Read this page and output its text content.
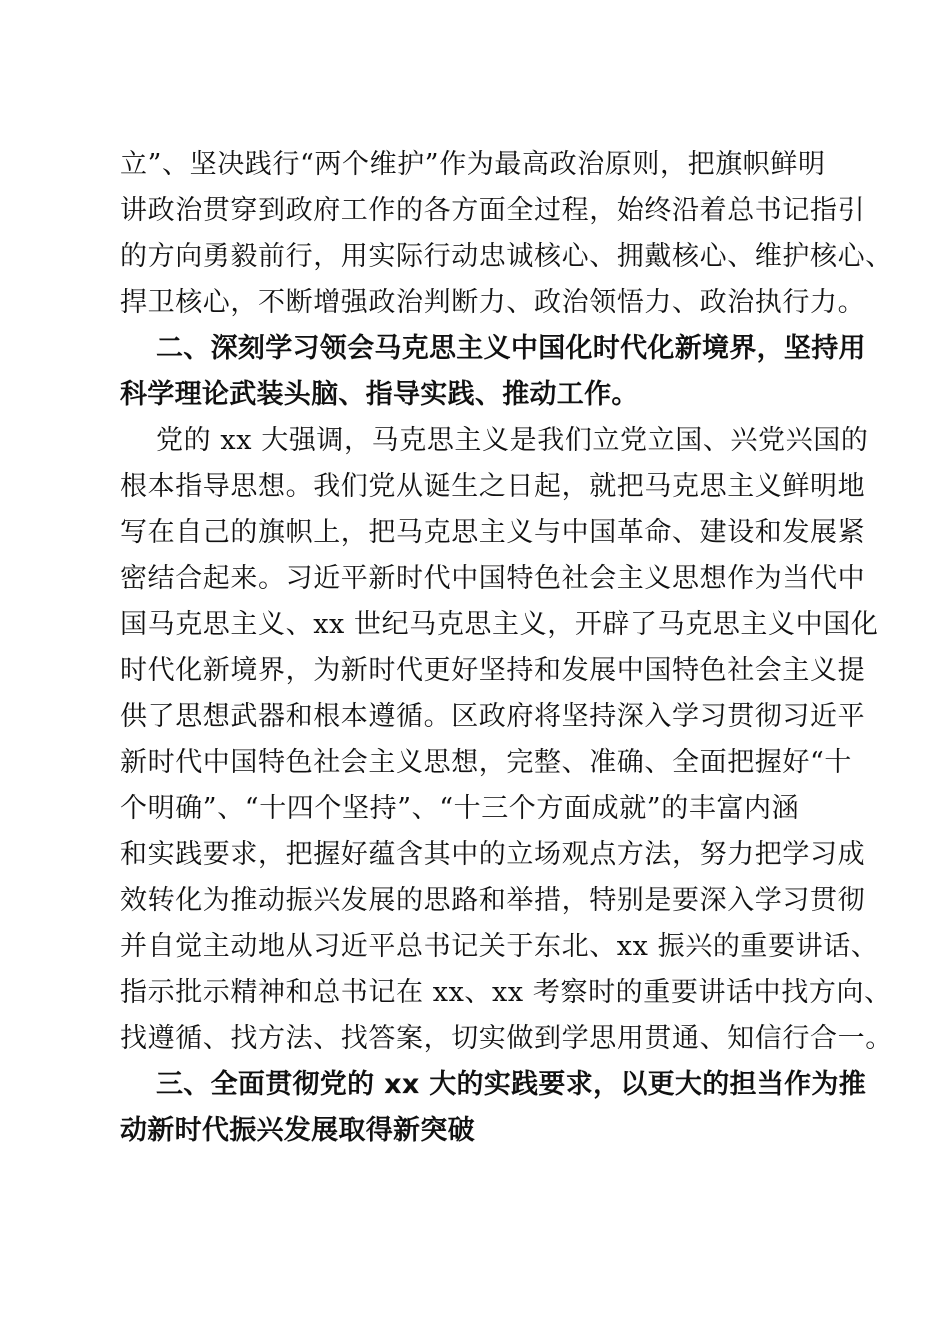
立”、坚决践行“两个维护”作为最高政治原则，把旗帜鲜明
讲政治贯穿到政府工作的各方面全过程，始终沿着总书记指引
的方向勇毅前行，用实际行动忠诚核心、拥戴核心、维护核心、
捍卫核心，不断增强政治判断力、政治领悟力、政治执行力。
二、深刻学习领会马克思主义中国化时代化新境界，坚持用
科学理论武装头脑、指导实践、推动工作。
党的 xx 大强调，马克思主义是我们立党立国、兴党兴国的
根本指导思想。我们党从诞生之日起，就把马克思主义鲜明地
写在自己的旗帜上，把马克思主义与中国革命、建设和发展紧
密结合起来。习近平新时代中国特色社会主义思想作为当代中
国马克思主义、xx 世纪马克思主义，开辟了马克思主义中国化
时代化新境界，为新时代更好坚持和发展中国特色社会主义提
供了思想武器和根本遵循。区政府将坚持深入学习贯彻习近平
新时代中国特色社会主义思想，完整、准确、全面把握好“十
个明确”、“十四个坚持”、“十三个方面成就”的丰富内涵
和实践要求，把握好蕴含其中的立场观点方法，努力把学习成
效转化为推动振兴发展的思路和举措，特别是要深入学习贯彻
并自觉主动地从习近平总书记关于东北、xx 振兴的重要讲话、
指示批示精神和总书记在 xx、xx 考察时的重要讲话中找方向、
找遵循、找方法、找答案，切实做到学思用贯通、知信行合一。
三、全面贯彻党的 xx 大的实践要求，以更大的担当作为推
动新时代振兴发展取得新突破
